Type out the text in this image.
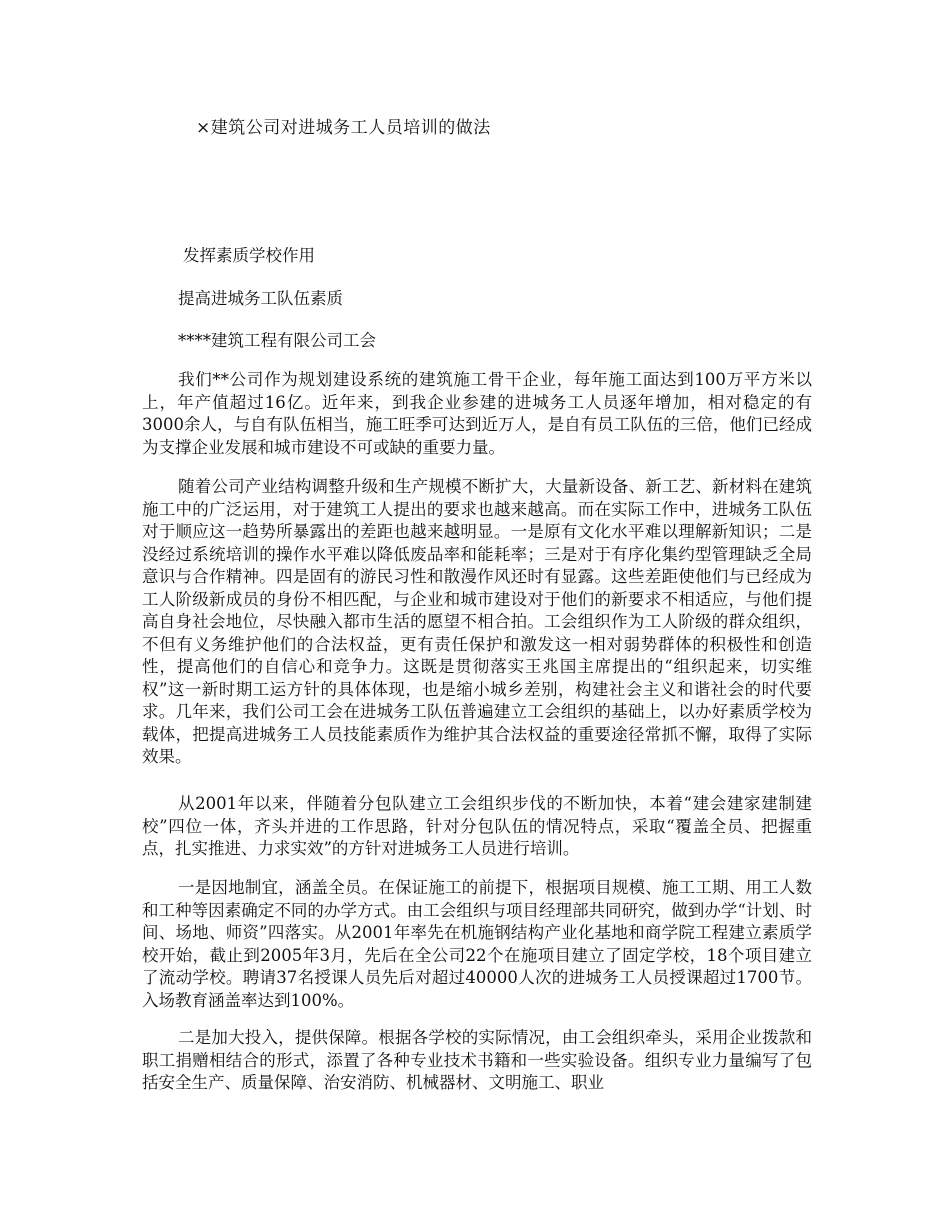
×建筑公司对进城务工人员培训的做法

发挥素质学校作用

提高进城务工队伍素质

****建筑工程有限公司工会

我们**公司作为规划建设系统的建筑施工骨干企业，每年施工面达到100万平方米以上，年产值超过16亿。近年来，到我企业参建的进城务工人员逐年增加，相对稳定的有3000余人，与自有队伍相当，施工旺季可达到近万人，是自有员工队伍的三倍，他们已经成为支撑企业发展和城市建设不可或缺的重要力量。

随着公司产业结构调整升级和生产规模不断扩大，大量新设备、新工艺、新材料在建筑施工中的广泛运用，对于建筑工人提出的要求也越来越高。而在实际工作中，进城务工队伍对于顺应这一趋势所暴露出的差距也越来越明显。一是原有文化水平难以理解新知识；二是没经过系统培训的操作水平难以降低废品率和能耗率；三是对于有序化集约型管理缺乏全局意识与合作精神。四是固有的游民习性和散漫作风还时有显露。这些差距使他们与已经成为工人阶级新成员的身份不相匹配，与企业和城市建设对于他们的新要求不相适应，与他们提高自身社会地位，尽快融入都市生活的愿望不相合拍。工会组织作为工人阶级的群众组织，不但有义务维护他们的合法权益，更有责任保护和激发这一相对弱势群体的积极性和创造性，提高他们的自信心和竞争力。这既是贯彻落实王兆国主席提出的“组织起来，切实维权”这一新时期工运方针的具体体现，也是缩小城乡差别，构建社会主义和谐社会的时代要求。几年来，我们公司工会在进城务工队伍普遍建立工会组织的基础上，以办好素质学校为载体，把提高进城务工人员技能素质作为维护其合法权益的重要途径常抓不懈，取得了实际效果。

从2001年以来，伴随着分包队建立工会组织步伐的不断加快，本着“建会建家建制建校”四位一体，齐头并进的工作思路，针对分包队伍的情况特点，采取“覆盖全员、把握重点，扎实推进、力求实效”的方针对进城务工人员进行培训。

一是因地制宜，涵盖全员。在保证施工的前提下，根据项目规模、施工工期、用工人数和工种等因素确定不同的办学方式。由工会组织与项目经理部共同研究，做到办学“计划、时间、场地、师资”四落实。从2001年率先在机施钢结构产业化基地和商学院工程建立素质学校开始，截止到2005年3月，先后在全公司22个在施项目建立了固定学校，18个项目建立了流动学校。聘请37名授课人员先后对超过40000人次的进城务工人员授课超过1700节。入场教育涵盖率达到100%。

二是加大投入，提供保障。根据各学校的实际情况，由工会组织牵头，采用企业拨款和职工捐赠相结合的形式，添置了各种专业技术书籍和一些实验设备。组织专业力量编写了包括安全生产、质量保障、治安消防、机械器材、文明施工、职业
